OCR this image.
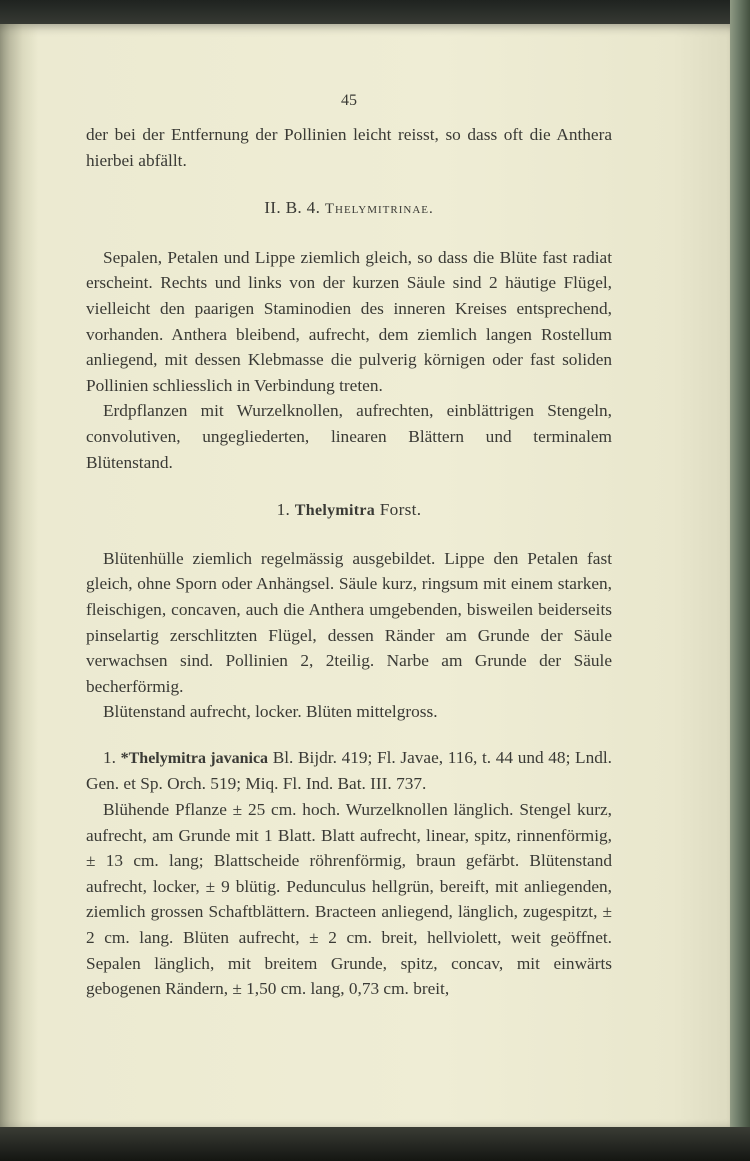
45

der bei der Entfernung der Pollinien leicht reisst, so dass oft die Anthera hierbei abfällt.

II. B. 4. Thelymitrinae.

Sepalen, Petalen und Lippe ziemlich gleich, so dass die Blüte fast radiat erscheint. Rechts und links von der kurzen Säule sind 2 häutige Flügel, vielleicht den paarigen Staminodien des inneren Kreises entsprechend, vorhanden. Anthera bleibend, aufrecht, dem ziemlich langen Rostellum anliegend, mit dessen Klebmasse die pulverig körnigen oder fast soliden Pollinien schliesslich in Verbindung treten.

Erdpflanzen mit Wurzelknollen, aufrechten, einblättrigen Stengeln, convolutiven, ungegliederten, linearen Blättern und terminalem Blütenstand.

1. Thelymitra Forst.

Blütenhülle ziemlich regelmässig ausgebildet. Lippe den Petalen fast gleich, ohne Sporn oder Anhängsel. Säule kurz, ringsum mit einem starken, fleischigen, concaven, auch die Anthera umgebenden, bisweilen beiderseits pinselartig zerschlitzten Flügel, dessen Ränder am Grunde der Säule verwachsen sind. Pollinien 2, 2teilig. Narbe am Grunde der Säule becherförmig.

Blütenstand aufrecht, locker. Blüten mittelgross.

1. *Thelymitra javanica Bl. Bijdr. 419; Fl. Javae, 116, t. 44 und 48; Lndl. Gen. et Sp. Orch. 519; Miq. Fl. Ind. Bat. III. 737.

Blühende Pflanze ± 25 cm. hoch. Wurzelknollen länglich. Stengel kurz, aufrecht, am Grunde mit 1 Blatt. Blatt aufrecht, linear, spitz, rinnenförmig, ± 13 cm. lang; Blattscheide röhrenförmig, braun gefärbt. Blütenstand aufrecht, locker, ± 9 blütig. Pedunculus hellgrün, bereift, mit anliegenden, ziemlich grossen Schaftblättern. Bracteen anliegend, länglich, zugespitzt, ± 2 cm. lang. Blüten aufrecht, ± 2 cm. breit, hellviolett, weit geöffnet. Sepalen länglich, mit breitem Grunde, spitz, concav, mit einwärts gebogenen Rändern, ± 1,50 cm. lang, 0,73 cm. breit,
